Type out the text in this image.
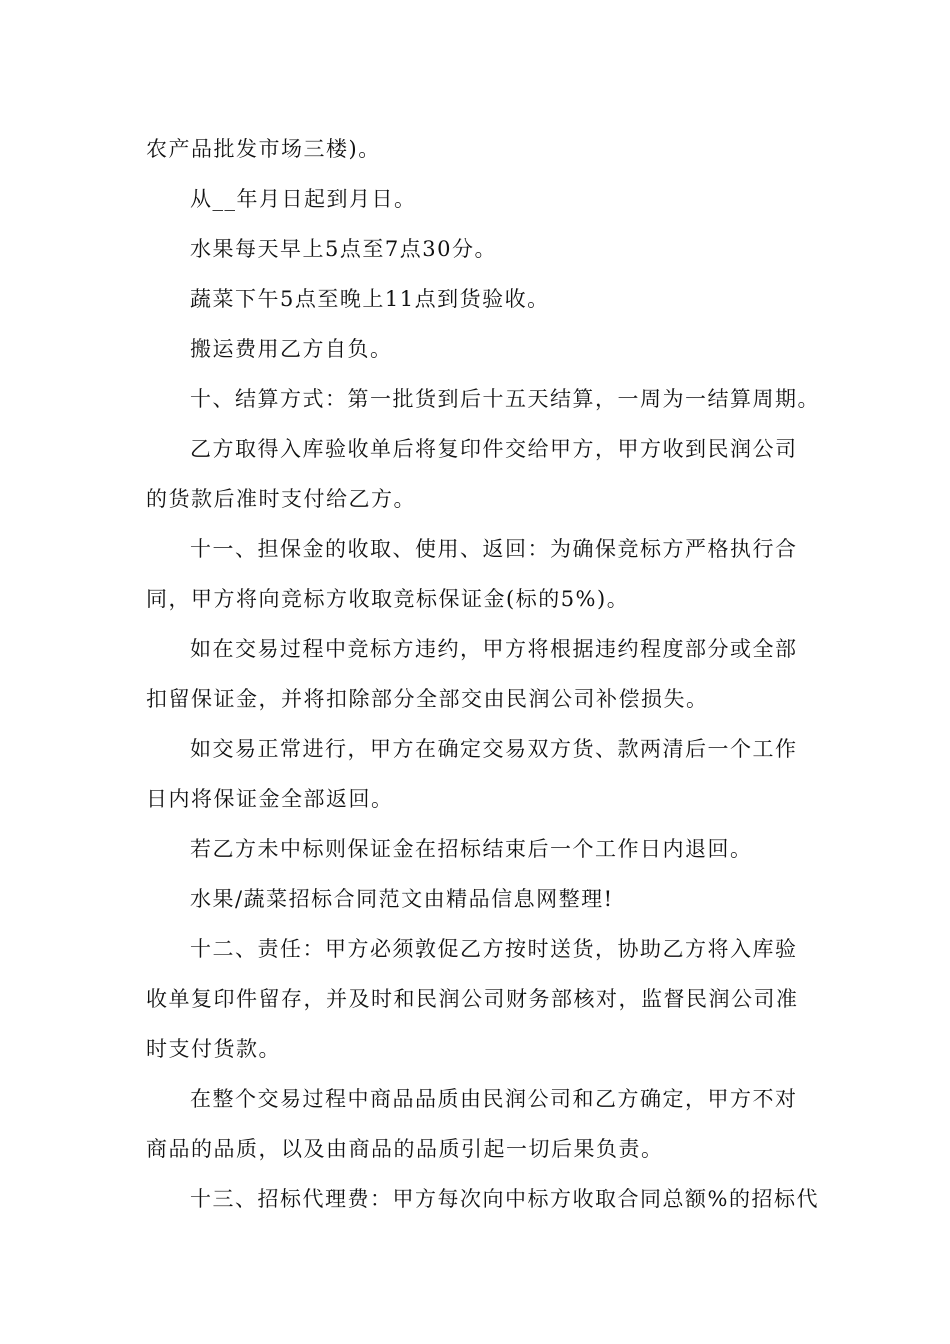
农产品批发市场三楼)。
从__年月日起到月日。
水果每天早上5点至7点30分。
蔬菜下午5点至晚上11点到货验收。
搬运费用乙方自负。
十、结算方式：第一批货到后十五天结算，一周为一结算周期。
乙方取得入库验收单后将复印件交给甲方，甲方收到民润公司
的货款后准时支付给乙方。
十一、担保金的收取、使用、返回：为确保竞标方严格执行合
同，甲方将向竞标方收取竞标保证金(标的5%)。
如在交易过程中竞标方违约，甲方将根据违约程度部分或全部
扣留保证金，并将扣除部分全部交由民润公司补偿损失。
如交易正常进行，甲方在确定交易双方货、款两清后一个工作
日内将保证金全部返回。
若乙方未中标则保证金在招标结束后一个工作日内退回。
水果/蔬菜招标合同范文由精品信息网整理!
十二、责任：甲方必须敦促乙方按时送货，协助乙方将入库验
收单复印件留存，并及时和民润公司财务部核对，监督民润公司准
时支付货款。
在整个交易过程中商品品质由民润公司和乙方确定，甲方不对
商品的品质，以及由商品的品质引起一切后果负责。
十三、招标代理费：甲方每次向中标方收取合同总额%的招标代
